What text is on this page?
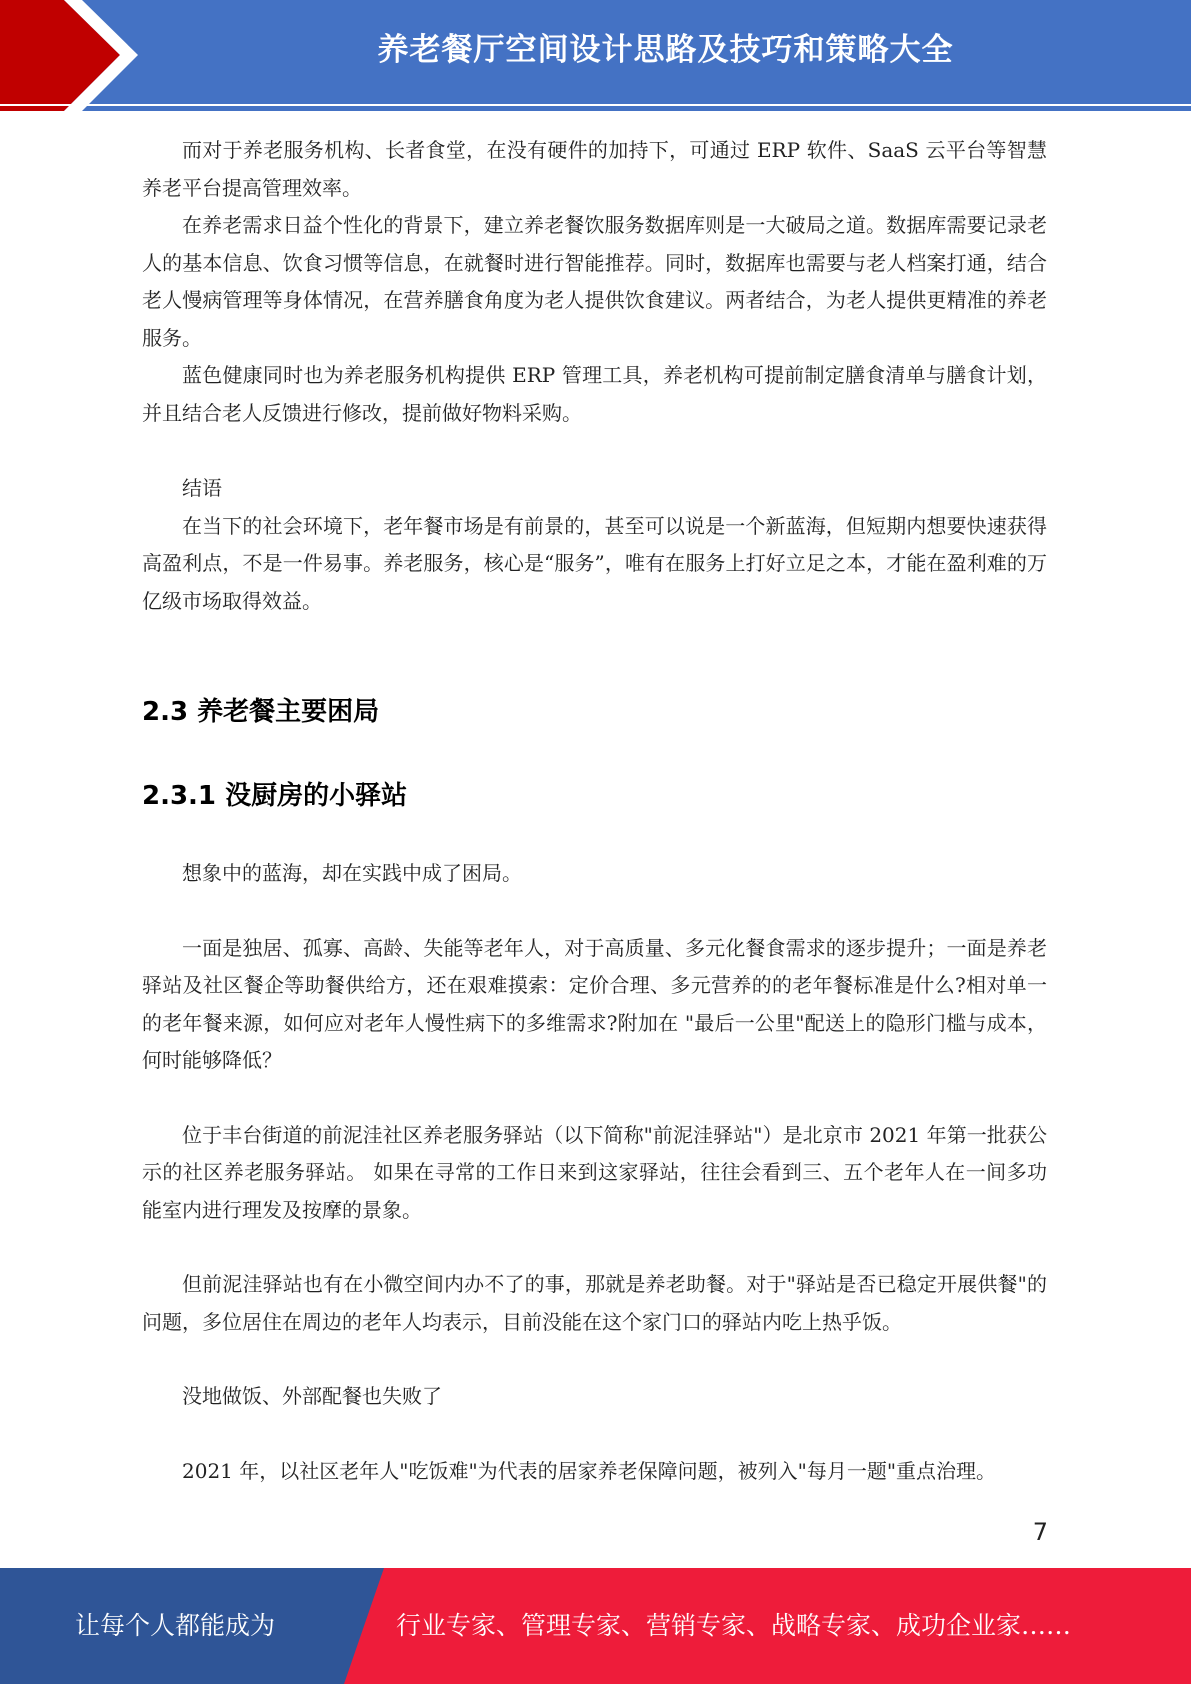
养老餐厅空间设计思路及技巧和策略大全

而对于养老服务机构、长者食堂，在没有硬件的加持下，可通过 ERP 软件、SaaS 云平台等智慧养老平台提高管理效率。

在养老需求日益个性化的背景下，建立养老餐饮服务数据库则是一大破局之道。数据库需要记录老人的基本信息、饮食习惯等信息，在就餐时进行智能推荐。同时，数据库也需要与老人档案打通，结合老人慢病管理等身体情况，在营养膳食角度为老人提供饮食建议。两者结合，为老人提供更精准的养老服务。

蓝色健康同时也为养老服务机构提供 ERP 管理工具，养老机构可提前制定膳食清单与膳食计划，并且结合老人反馈进行修改，提前做好物料采购。

结语

在当下的社会环境下，老年餐市场是有前景的，甚至可以说是一个新蓝海，但短期内想要快速获得高盈利点，不是一件易事。养老服务，核心是“服务”，唯有在服务上打好立足之本，才能在盈利难的万亿级市场取得效益。

2.3 养老餐主要困局
2.3.1 没厨房的小驿站

想象中的蓝海，却在实践中成了困局。

一面是独居、孤寡、高龄、失能等老年人，对于高质量、多元化餐食需求的逐步提升；一面是养老驿站及社区餐企等助餐供给方，还在艰难摸索：定价合理、多元营养的的老年餐标准是什么?相对单一的老年餐来源，如何应对老年人慢性病下的多维需求?附加在 "最后一公里"配送上的隐形门槛与成本，何时能够降低？

位于丰台街道的前泥洼社区养老服务驿站（以下简称"前泥洼驿站"）是北京市 2021 年第一批获公示的社区养老服务驿站。 如果在寻常的工作日来到这家驿站，往往会看到三、五个老年人在一间多功能室内进行理发及按摩的景象。

但前泥洼驿站也有在小微空间内办不了的事，那就是养老助餐。对于"驿站是否已稳定开展供餐"的问题，多位居住在周边的老年人均表示，目前没能在这个家门口的驿站内吃上热乎饭。

没地做饭、外部配餐也失败了

2021 年，以社区老年人"吃饭难"为代表的居家养老保障问题，被列入"每月一题"重点治理。

7
让每个人都能成为	行业专家、管理专家、营销专家、战略专家、成功企业家……
